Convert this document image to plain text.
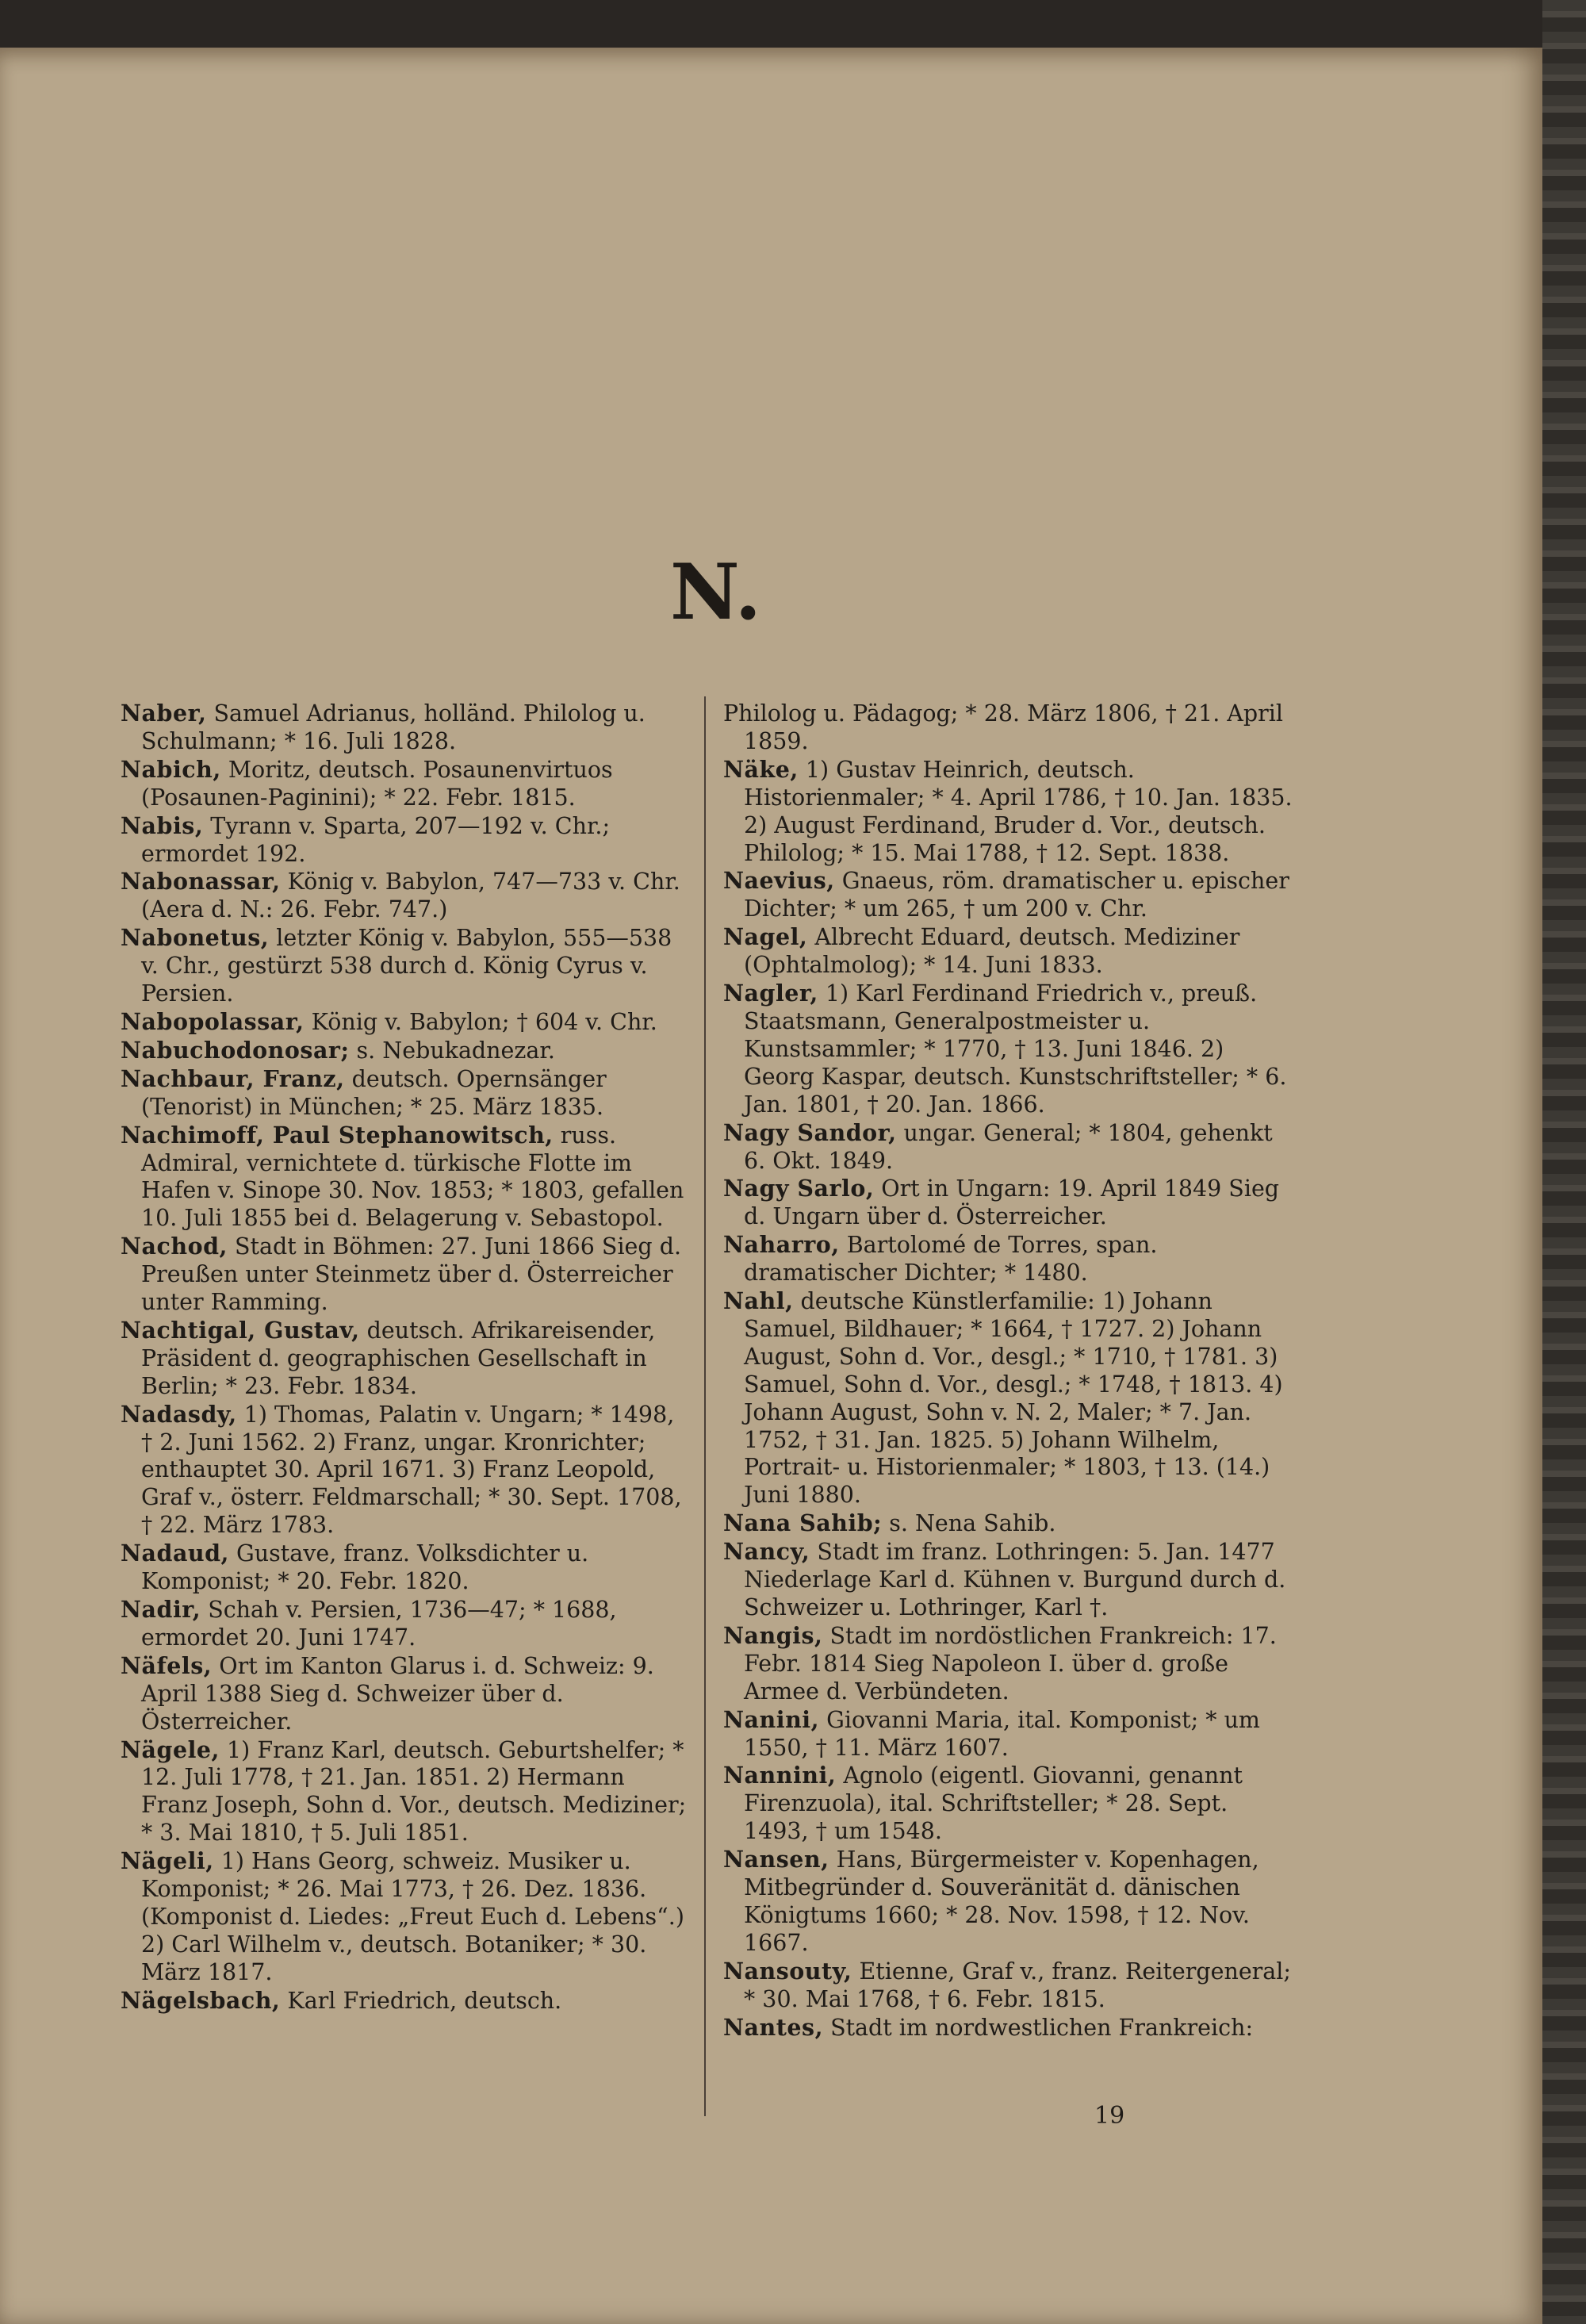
N.

Naber, Samuel Adrianus, holländ. Philolog u. Schulmann; * 16. Juli 1828.

Nabich, Moritz, deutsch. Posaunenvirtuos (Posaunen-Paginini); * 22. Febr. 1815.

Nabis, Tyrann v. Sparta, 207—192 v. Chr.; ermordet 192.

Nabonassar, König v. Babylon, 747—733 v. Chr. (Aera d. N.: 26. Febr. 747.)

Nabonetus, letzter König v. Babylon, 555—538 v. Chr., gestürzt 538 durch d. König Cyrus v. Persien.

Nabopolassar, König v. Babylon; † 604 v. Chr.

Nabuchodonosar; s. Nebukadnezar.

Nachbaur, Franz, deutsch. Opernsänger (Tenorist) in München; * 25. März 1835.

Nachimoff, Paul Stephanowitsch, russ. Admiral, vernichtete d. türkische Flotte im Hafen v. Sinope 30. Nov. 1853; * 1803, gefallen 10. Juli 1855 bei d. Belagerung v. Sebastopol.

Nachod, Stadt in Böhmen: 27. Juni 1866 Sieg d. Preußen unter Steinmetz über d. Österreicher unter Ramming.

Nachtigal, Gustav, deutsch. Afrikareisender, Präsident d. geographischen Gesellschaft in Berlin; * 23. Febr. 1834.

Nadasdy, 1) Thomas, Palatin v. Ungarn; * 1498, † 2. Juni 1562. 2) Franz, ungar. Kronrichter; enthauptet 30. April 1671. 3) Franz Leopold, Graf v., österr. Feldmarschall; * 30. Sept. 1708, † 22. März 1783.

Nadaud, Gustave, franz. Volksdichter u. Komponist; * 20. Febr. 1820.

Nadir, Schah v. Persien, 1736—47; * 1688, ermordet 20. Juni 1747.

Näfels, Ort im Kanton Glarus i. d. Schweiz: 9. April 1388 Sieg d. Schweizer über d. Österreicher.

Nägele, 1) Franz Karl, deutsch. Geburtshelfer; * 12. Juli 1778, † 21. Jan. 1851. 2) Hermann Franz Joseph, Sohn d. Vor., deutsch. Mediziner; * 3. Mai 1810, † 5. Juli 1851.

Nägeli, 1) Hans Georg, schweiz. Musiker u. Komponist; * 26. Mai 1773, † 26. Dez. 1836. (Komponist d. Liedes: „Freut Euch d. Lebens“.) 2) Carl Wilhelm v., deutsch. Botaniker; * 30. März 1817.

Nägelsbach, Karl Friedrich, deutsch.

Philolog u. Pädagog; * 28. März 1806, † 21. April 1859.

Näke, 1) Gustav Heinrich, deutsch. Historienmaler; * 4. April 1786, † 10. Jan. 1835. 2) August Ferdinand, Bruder d. Vor., deutsch. Philolog; * 15. Mai 1788, † 12. Sept. 1838.

Naevius, Gnaeus, röm. dramatischer u. epischer Dichter; * um 265, † um 200 v. Chr.

Nagel, Albrecht Eduard, deutsch. Mediziner (Ophtalmolog); * 14. Juni 1833.

Nagler, 1) Karl Ferdinand Friedrich v., preuß. Staatsmann, Generalpostmeister u. Kunstsammler; * 1770, † 13. Juni 1846. 2) Georg Kaspar, deutsch. Kunstschriftsteller; * 6. Jan. 1801, † 20. Jan. 1866.

Nagy Sandor, ungar. General; * 1804, gehenkt 6. Okt. 1849.

Nagy Sarlo, Ort in Ungarn: 19. April 1849 Sieg d. Ungarn über d. Österreicher.

Naharro, Bartolomé de Torres, span. dramatischer Dichter; * 1480.

Nahl, deutsche Künstlerfamilie: 1) Johann Samuel, Bildhauer; * 1664, † 1727. 2) Johann August, Sohn d. Vor., desgl.; * 1710, † 1781. 3) Samuel, Sohn d. Vor., desgl.; * 1748, † 1813. 4) Johann August, Sohn v. N. 2, Maler; * 7. Jan. 1752, † 31. Jan. 1825. 5) Johann Wilhelm, Portrait- u. Historienmaler; * 1803, † 13. (14.) Juni 1880.

Nana Sahib; s. Nena Sahib.

Nancy, Stadt im franz. Lothringen: 5. Jan. 1477 Niederlage Karl d. Kühnen v. Burgund durch d. Schweizer u. Lothringer, Karl †.

Nangis, Stadt im nordöstlichen Frankreich: 17. Febr. 1814 Sieg Napoleon I. über d. große Armee d. Verbündeten.

Nanini, Giovanni Maria, ital. Komponist; * um 1550, † 11. März 1607.

Nannini, Agnolo (eigentl. Giovanni, genannt Firenzuola), ital. Schriftsteller; * 28. Sept. 1493, † um 1548.

Nansen, Hans, Bürgermeister v. Kopenhagen, Mitbegründer d. Souveränität d. dänischen Königtums 1660; * 28. Nov. 1598, † 12. Nov. 1667.

Nansouty, Etienne, Graf v., franz. Reitergeneral; * 30. Mai 1768, † 6. Febr. 1815.

Nantes, Stadt im nordwestlichen Frankreich:

19
